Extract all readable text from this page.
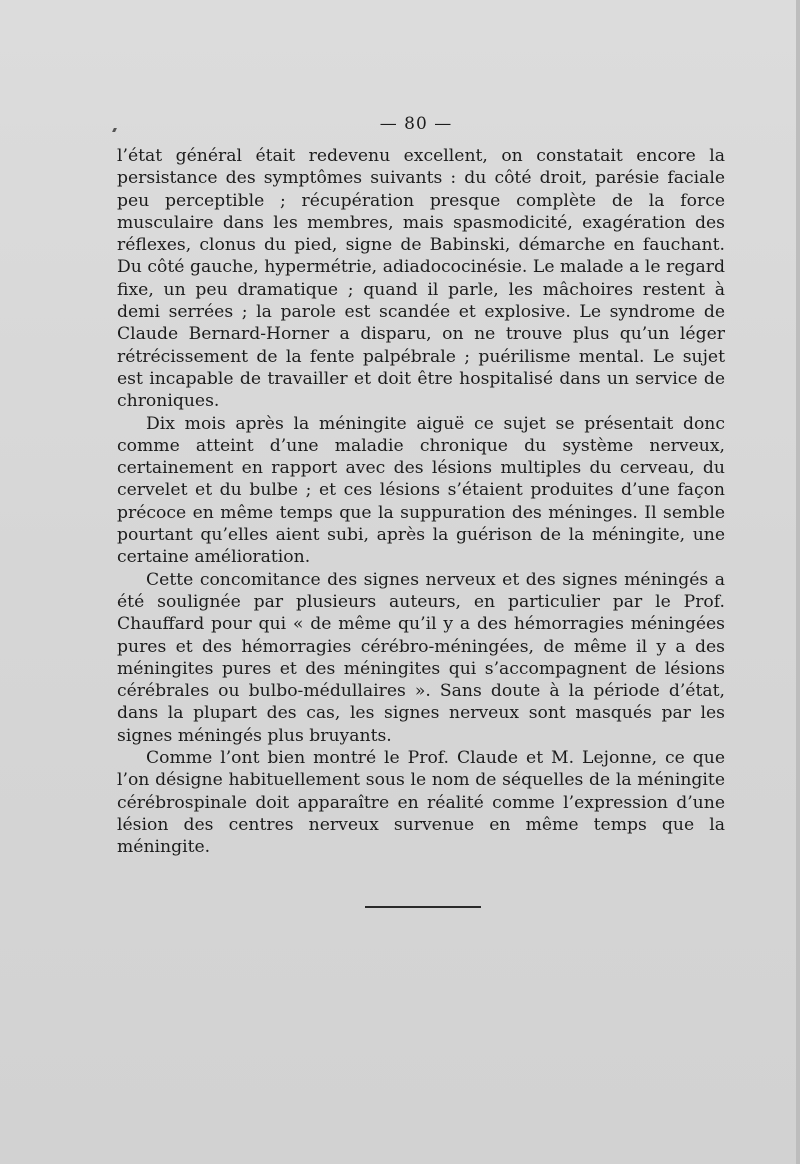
— 80 —

l’état général était redevenu excellent, on constatait encore la persistance des symptômes suivants : du côté droit, parésie faciale peu perceptible ; récupération presque complète de la force musculaire dans les membres, mais spasmodicité, exagération des réflexes, clonus du pied, signe de Babinski, démarche en fauchant. Du côté gauche, hypermétrie, adiadococinésie. Le malade a le regard fixe, un peu dramatique ; quand il parle, les mâchoires restent à demi serrées ; la parole est scandée et explosive. Le syndrome de Claude Bernard-Horner a disparu, on ne trouve plus qu’un léger rétrécissement de la fente palpébrale ; puérilisme mental. Le sujet est incapable de travailler et doit être hospitalisé dans un service de chroniques.

Dix mois après la méningite aiguë ce sujet se présentait donc comme atteint d’une maladie chronique du système nerveux, certainement en rapport avec des lésions multiples du cerveau, du cervelet et du bulbe ; et ces lésions s’étaient produites d’une façon précoce en même temps que la suppuration des méninges. Il semble pourtant qu’elles aient subi, après la guérison de la méningite, une certaine amélioration.

Cette concomitance des signes nerveux et des signes méningés a été soulignée par plusieurs auteurs, en particulier par le Prof. Chauffard pour qui « de même qu’il y a des hémorragies méningées pures et des hémorragies cérébro-méningées, de même il y a des méningites pures et des méningites qui s’accompagnent de lésions cérébrales ou bulbo-médullaires ». Sans doute à la période d’état, dans la plupart des cas, les signes nerveux sont masqués par les signes méningés plus bruyants.

Comme l’ont bien montré le Prof. Claude et M. Lejonne, ce que l’on désigne habituellement sous le nom de séquelles de la méningite cérébrospinale doit apparaître en réalité comme l’expression d’une lésion des centres nerveux survenue en même temps que la méningite.
